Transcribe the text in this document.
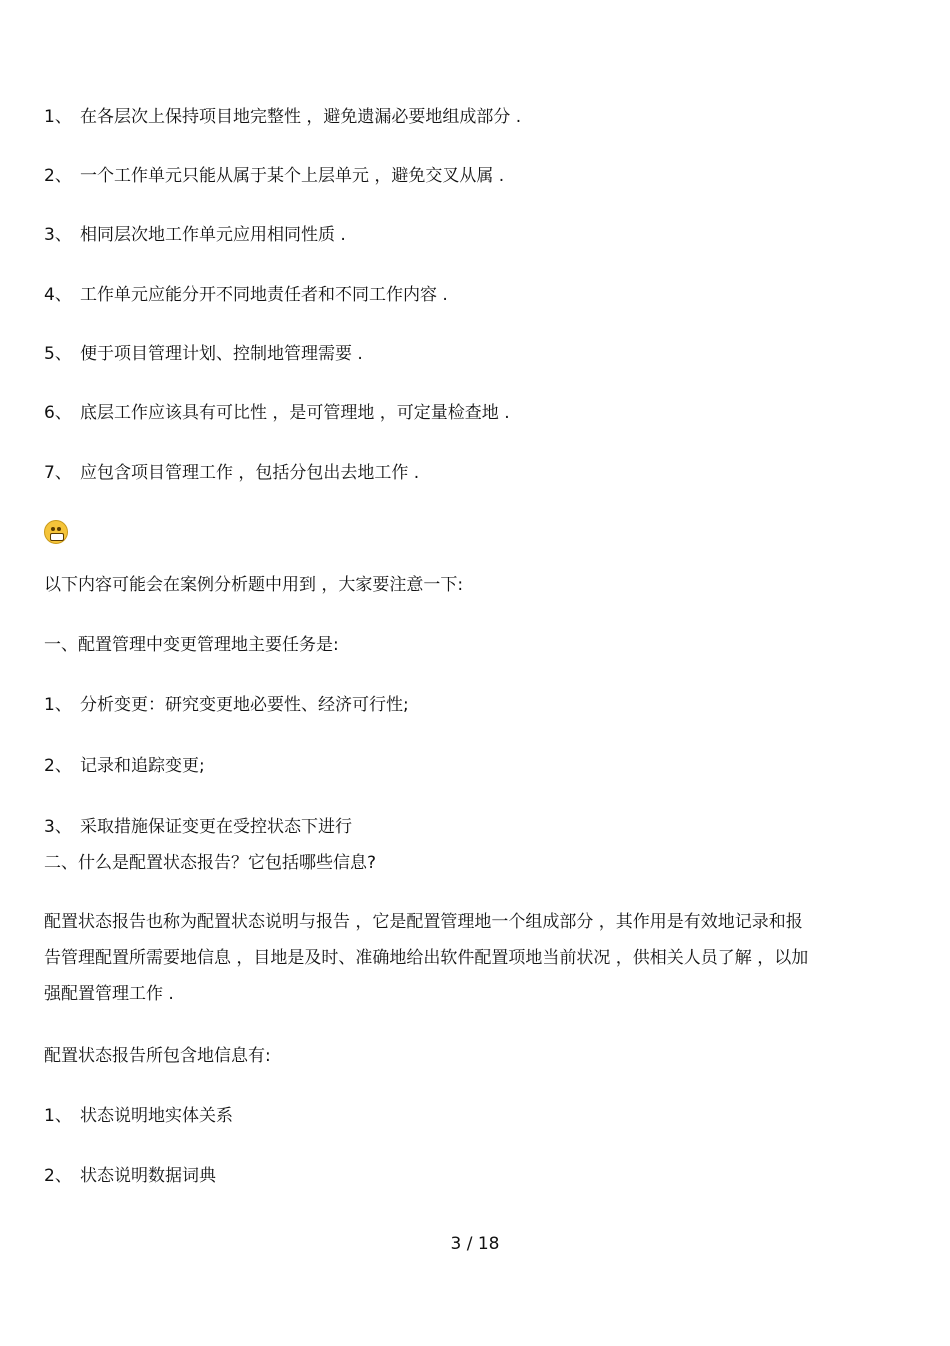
1、 在各层次上保持项目地完整性 ，避免遗漏必要地组成部分 .
2、 一个工作单元只能从属于某个上层单元 ，避免交叉从属 .
3、 相同层次地工作单元应用相同性质 .
4、 工作单元应能分开不同地责任者和不同工作内容 .
5、 便于项目管理计划、控制地管理需要 .
6、 底层工作应该具有可比性 ，是可管理地 ，可定量检查地 .
7、 应包含项目管理工作 ，包括分包出去地工作 .
以下内容可能会在案例分析题中用到 ，大家要注意一下:
一、配置管理中变更管理地主要任务是:
1、 分析变更：研究变更地必要性、经济可行性;
2、 记录和追踪变更;
3、 采取措施保证变更在受控状态下进行
二、什么是配置状态报告？它包括哪些信息?
配置状态报告也称为配置状态说明与报告 ，它是配置管理地一个组成部分 ，其作用是有效地记录和报
告管理配置所需要地信息 ，目地是及时、准确地给出软件配置项地当前状况 ，供相关人员了解 ，以加
强配置管理工作 .
配置状态报告所包含地信息有:
1、 状态说明地实体关系
2、 状态说明数据词典
3 / 18
